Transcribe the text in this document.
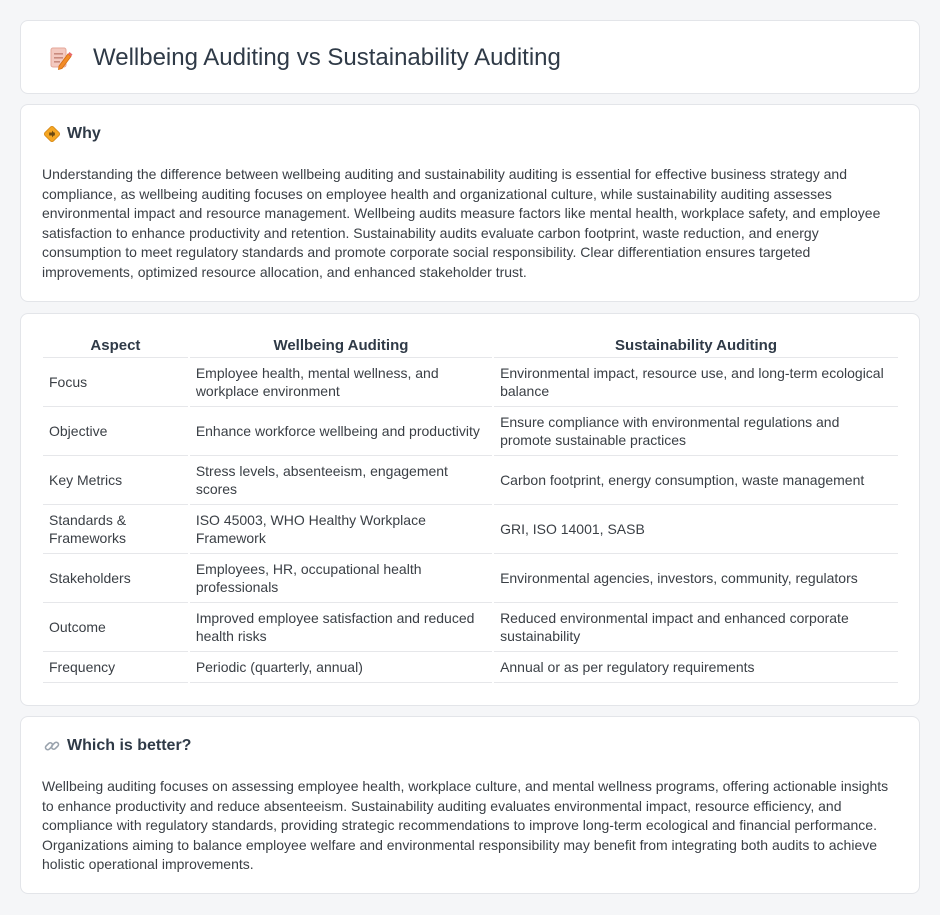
Wellbeing Auditing vs Sustainability Auditing
Why

Understanding the difference between wellbeing auditing and sustainability auditing is essential for effective business strategy and compliance, as wellbeing auditing focuses on employee health and organizational culture, while sustainability auditing assesses environmental impact and resource management. Wellbeing audits measure factors like mental health, workplace safety, and employee satisfaction to enhance productivity and retention. Sustainability audits evaluate carbon footprint, waste reduction, and energy consumption to meet regulatory standards and promote corporate social responsibility. Clear differentiation ensures targeted improvements, optimized resource allocation, and enhanced stakeholder trust.

Aspect	Wellbeing Auditing	Sustainability Auditing
Focus	Employee health, mental wellness, and workplace environment	Environmental impact, resource use, and long-term ecological balance
Objective	Enhance workforce wellbeing and productivity	Ensure compliance with environmental regulations and promote sustainable practices
Key Metrics	Stress levels, absenteeism, engagement scores	Carbon footprint, energy consumption, waste management
Standards & Frameworks	ISO 45003, WHO Healthy Workplace Framework	GRI, ISO 14001, SASB
Stakeholders	Employees, HR, occupational health professionals	Environmental agencies, investors, community, regulators
Outcome	Improved employee satisfaction and reduced health risks	Reduced environmental impact and enhanced corporate sustainability
Frequency	Periodic (quarterly, annual)	Annual or as per regulatory requirements
Which is better?

Wellbeing auditing focuses on assessing employee health, workplace culture, and mental wellness programs, offering actionable insights to enhance productivity and reduce absenteeism. Sustainability auditing evaluates environmental impact, resource efficiency, and compliance with regulatory standards, providing strategic recommendations to improve long-term ecological and financial performance. Organizations aiming to balance employee welfare and environmental responsibility may benefit from integrating both audits to achieve holistic operational improvements.
